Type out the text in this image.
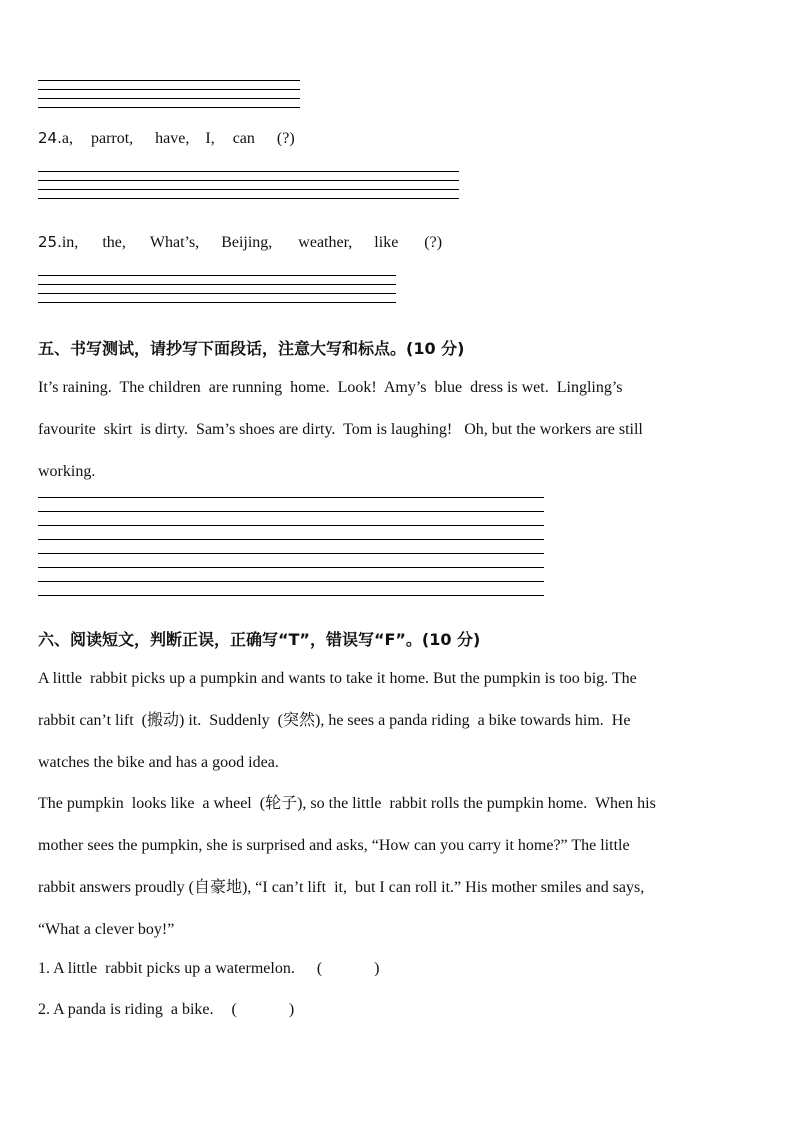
24.a, parrot, have, I, can (?)
25.in, the, What’s, Beijing, weather, like (?)
五、书写测试，请抄写下面段话，注意大写和标点。(10 分)

It’s raining.  The children  are running  home.  Look!  Amy’s  blue  dress is wet.  Lingling’s

favourite  skirt  is dirty.  Sam’s shoes are dirty.  Tom is laughing!   Oh, but the workers are still

working.

六、阅读短文，判断正误，正确写“T”，错误写“F”。(10 分)

A little  rabbit picks up a pumpkin and wants to take it home. But the pumpkin is too big. The

rabbit can’t lift  (搬动) it.  Suddenly  (突然), he sees a panda riding  a bike towards him.  He

watches the bike and has a good idea.

The pumpkin  looks like  a wheel  (轮子), so the little  rabbit rolls the pumpkin home.  When his

mother sees the pumpkin, she is surprised and asks, “How can you carry it home?” The little

rabbit answers proudly (自豪地), “I can’t lift  it,  but I can roll it.” His mother smiles and says,

“What a clever boy!”

1. A little  rabbit picks up a watermelon. (             )
2. A panda is riding  a bike. (             )
